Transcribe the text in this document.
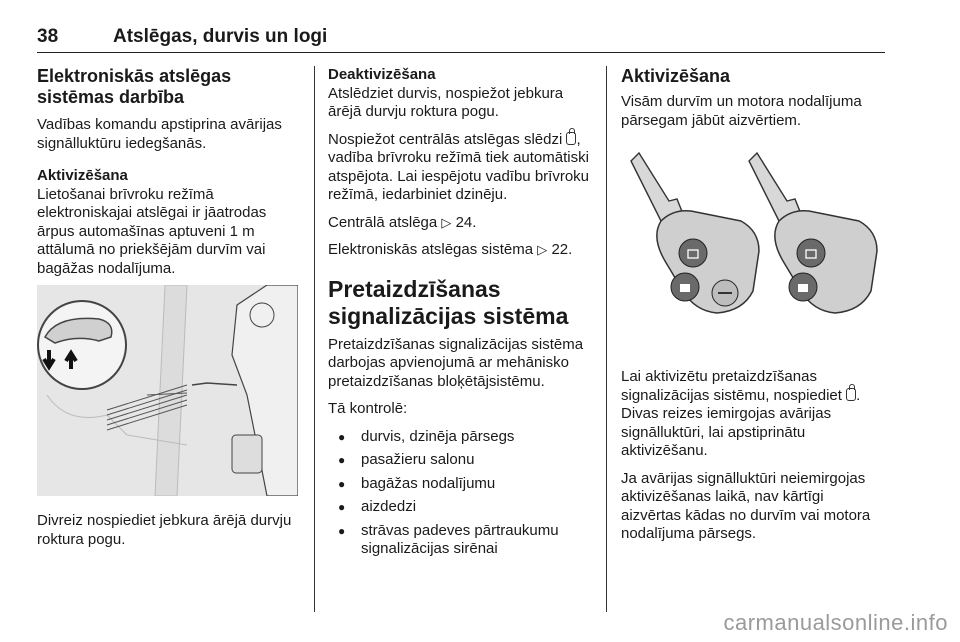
38	Atslēgas, durvis un logi
Elektroniskās atslēgas sistēmas darbība

Vadības komandu apstiprina avārijas signālluktūru iedegšanās.

Aktivizēšana

Lietošanai brīvroku režīmā elektroniskajai atslēgai ir jāatrodas ārpus automašīnas aptuveni 1 m attālumā no priekšējām durvīm vai bagāžas nodalījuma.

Divreiz nospiediet jebkura ārējā durvju roktura pogu.

Deaktivizēšana

Atslēdziet durvis, nospiežot jebkura ārējā durvju roktura pogu.

Nospiežot centrālās atslēgas slēdzi , vadība brīvroku režīmā tiek automātiski atspējota. Lai iespējotu vadību brīvroku režīmā, iedarbiniet dzinēju.

Centrālā atslēga ▷ 24.

Elektroniskās atslēgas sistēma ▷ 22.

Pretaizdzīšanas
signalizācijas sistēma

Pretaizdzīšanas signalizācijas sistēma darbojas apvienojumā ar mehānisko pretaizdzīšanas bloķētājsistēmu.

Tā kontrolē:

● durvis, dzinēja pārsegs
● pasažieru salonu
● bagāžas nodalījumu
● aizdedzi
● strāvas padeves pārtraukumu signalizācijas sirēnai
Aktivizēšana

Visām durvīm un motora nodalījuma pārsegam jābūt aizvērtiem.

Lai aktivizētu pretaizdzīšanas signalizācijas sistēmu, nospiediet . Divas reizes iemirgojas avārijas signālluktūri, lai apstiprinātu aktivizēšanu.

Ja avārijas signālluktūri neiemirgojas aktivizēšanas laikā, nav kārtīgi aizvērtas kādas no durvīm vai motora nodalījuma pārsegs.

carmanualsonline.info
